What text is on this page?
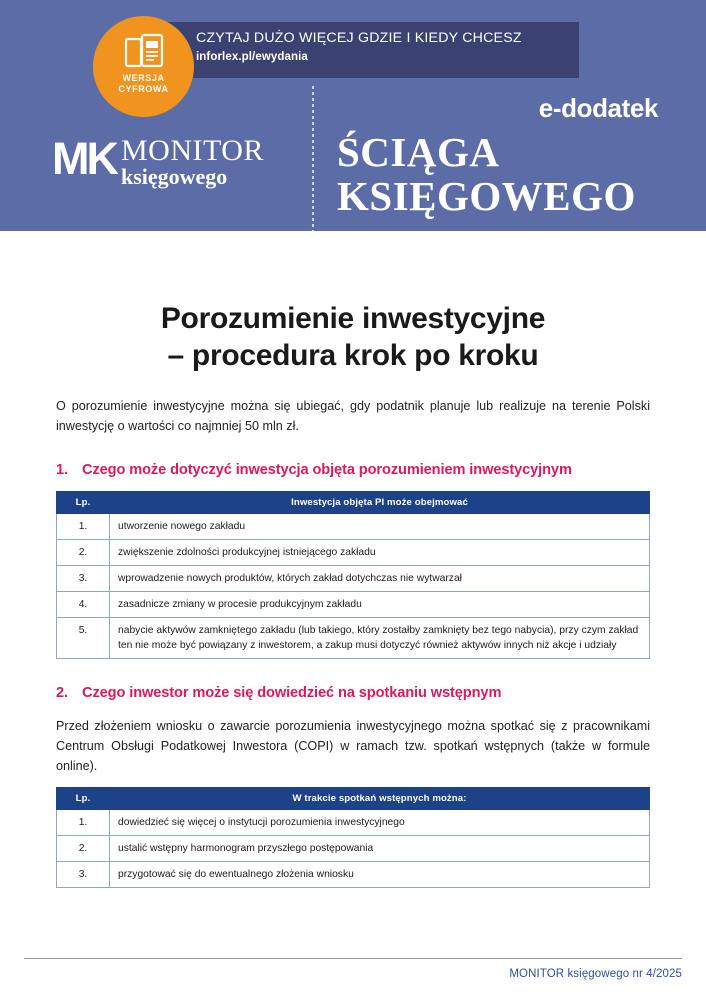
CZYTAJ DUŻO WIĘCEJ GDZIE I KIEDY CHCESZ
inforlex.pl/ewydania
WERSJA
CYFROWA
MK MONITOR
księgowego
e-dodatek
ŚCIĄGA
KSIĘGOWEGO
Porozumienie inwestycyjne
– procedura krok po kroku

O porozumienie inwestycyjne można się ubiegać, gdy podatnik planuje lub realizuje na terenie Polski inwestycję o wartości co najmniej 50 mln zł.

1. Czego może dotyczyć inwestycja objęta porozumieniem inwestycyjnym
Lp.	Inwestycja objęta PI może obejmować
1.	utworzenie nowego zakładu
2.	zwiększenie zdolności produkcyjnej istniejącego zakładu
3.	wprowadzenie nowych produktów, których zakład dotychczas nie wytwarzał
4.	zasadnicze zmiany w procesie produkcyjnym zakładu
5.	nabycie aktywów zamkniętego zakładu (lub takiego, który zostałby zamknięty bez tego nabycia), przy czym zakład ten nie może być powiązany z inwestorem, a zakup musi dotyczyć również aktywów innych niż akcje i udziały
2. Czego inwestor może się dowiedzieć na spotkaniu wstępnym

Przed złożeniem wniosku o zawarcie porozumienia inwestycyjnego można spotkać się z pracownikami Centrum Obsługi Podatkowej Inwestora (COPI) w ramach tzw. spotkań wstępnych (także w formule online).

Lp.	W trakcie spotkań wstępnych można:
1.	dowiedzieć się więcej o instytucji porozumienia inwestycyjnego
2.	ustalić wstępny harmonogram przyszłego postępowania
3.	przygotować się do ewentualnego złożenia wniosku
MONITOR księgowego nr 4/2025
